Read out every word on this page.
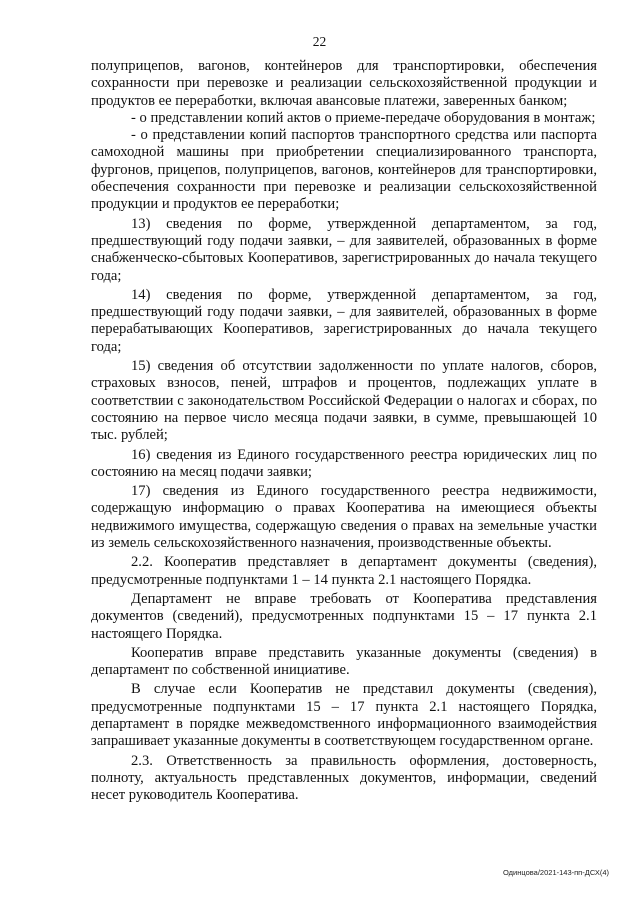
22

полуприцепов, вагонов, контейнеров для транспортировки, обеспечения сохранности при перевозке и реализации сельскохозяйственной продукции и продуктов ее переработки, включая авансовые платежи, заверенных банком;

- о представлении копий актов о приеме-передаче оборудования в монтаж;

- о представлении копий паспортов транспортного средства или паспорта самоходной машины при приобретении специализированного транспорта, фургонов, прицепов, полуприцепов, вагонов, контейнеров для транспортировки, обеспечения сохранности при перевозке и реализации сельскохозяйственной продукции и продуктов ее переработки;

13) сведения по форме, утвержденной департаментом, за год, предшествующий году подачи заявки, – для заявителей, образованных в форме снабженческо-сбытовых Кооперативов, зарегистрированных до начала текущего года;

14) сведения по форме, утвержденной департаментом, за год, предшествующий году подачи заявки, – для заявителей, образованных в форме перерабатывающих Кооперативов, зарегистрированных до начала текущего года;

15) сведения об отсутствии задолженности по уплате налогов, сборов, страховых взносов, пеней, штрафов и процентов, подлежащих уплате в соответствии с законодательством Российской Федерации о налогах и сборах, по состоянию на первое число месяца подачи заявки, в сумме, превышающей 10 тыс. рублей;

16) сведения из Единого государственного реестра юридических лиц по состоянию на месяц подачи заявки;

17) сведения из Единого государственного реестра недвижимости, содержащую информацию о правах Кооператива на имеющиеся объекты недвижимого имущества, содержащую сведения о правах на земельные участки из земель сельскохозяйственного назначения, производственные объекты.

2.2. Кооператив представляет в департамент документы (сведения), предусмотренные подпунктами 1 – 14 пункта 2.1 настоящего Порядка.

Департамент не вправе требовать от Кооператива представления документов (сведений), предусмотренных подпунктами 15 – 17 пункта 2.1 настоящего Порядка.

Кооператив вправе представить указанные документы (сведения) в департамент по собственной инициативе.

В случае если Кооператив не представил документы (сведения), предусмотренные подпунктами 15 – 17 пункта 2.1 настоящего Порядка, департамент в порядке межведомственного информационного взаимодействия запрашивает указанные документы в соответствующем государственном органе.

2.3. Ответственность за правильность оформления, достоверность, полноту, актуальность представленных документов, информации, сведений несет руководитель Кооператива.

Одинцова/2021-143-пп-ДСХ(4)
